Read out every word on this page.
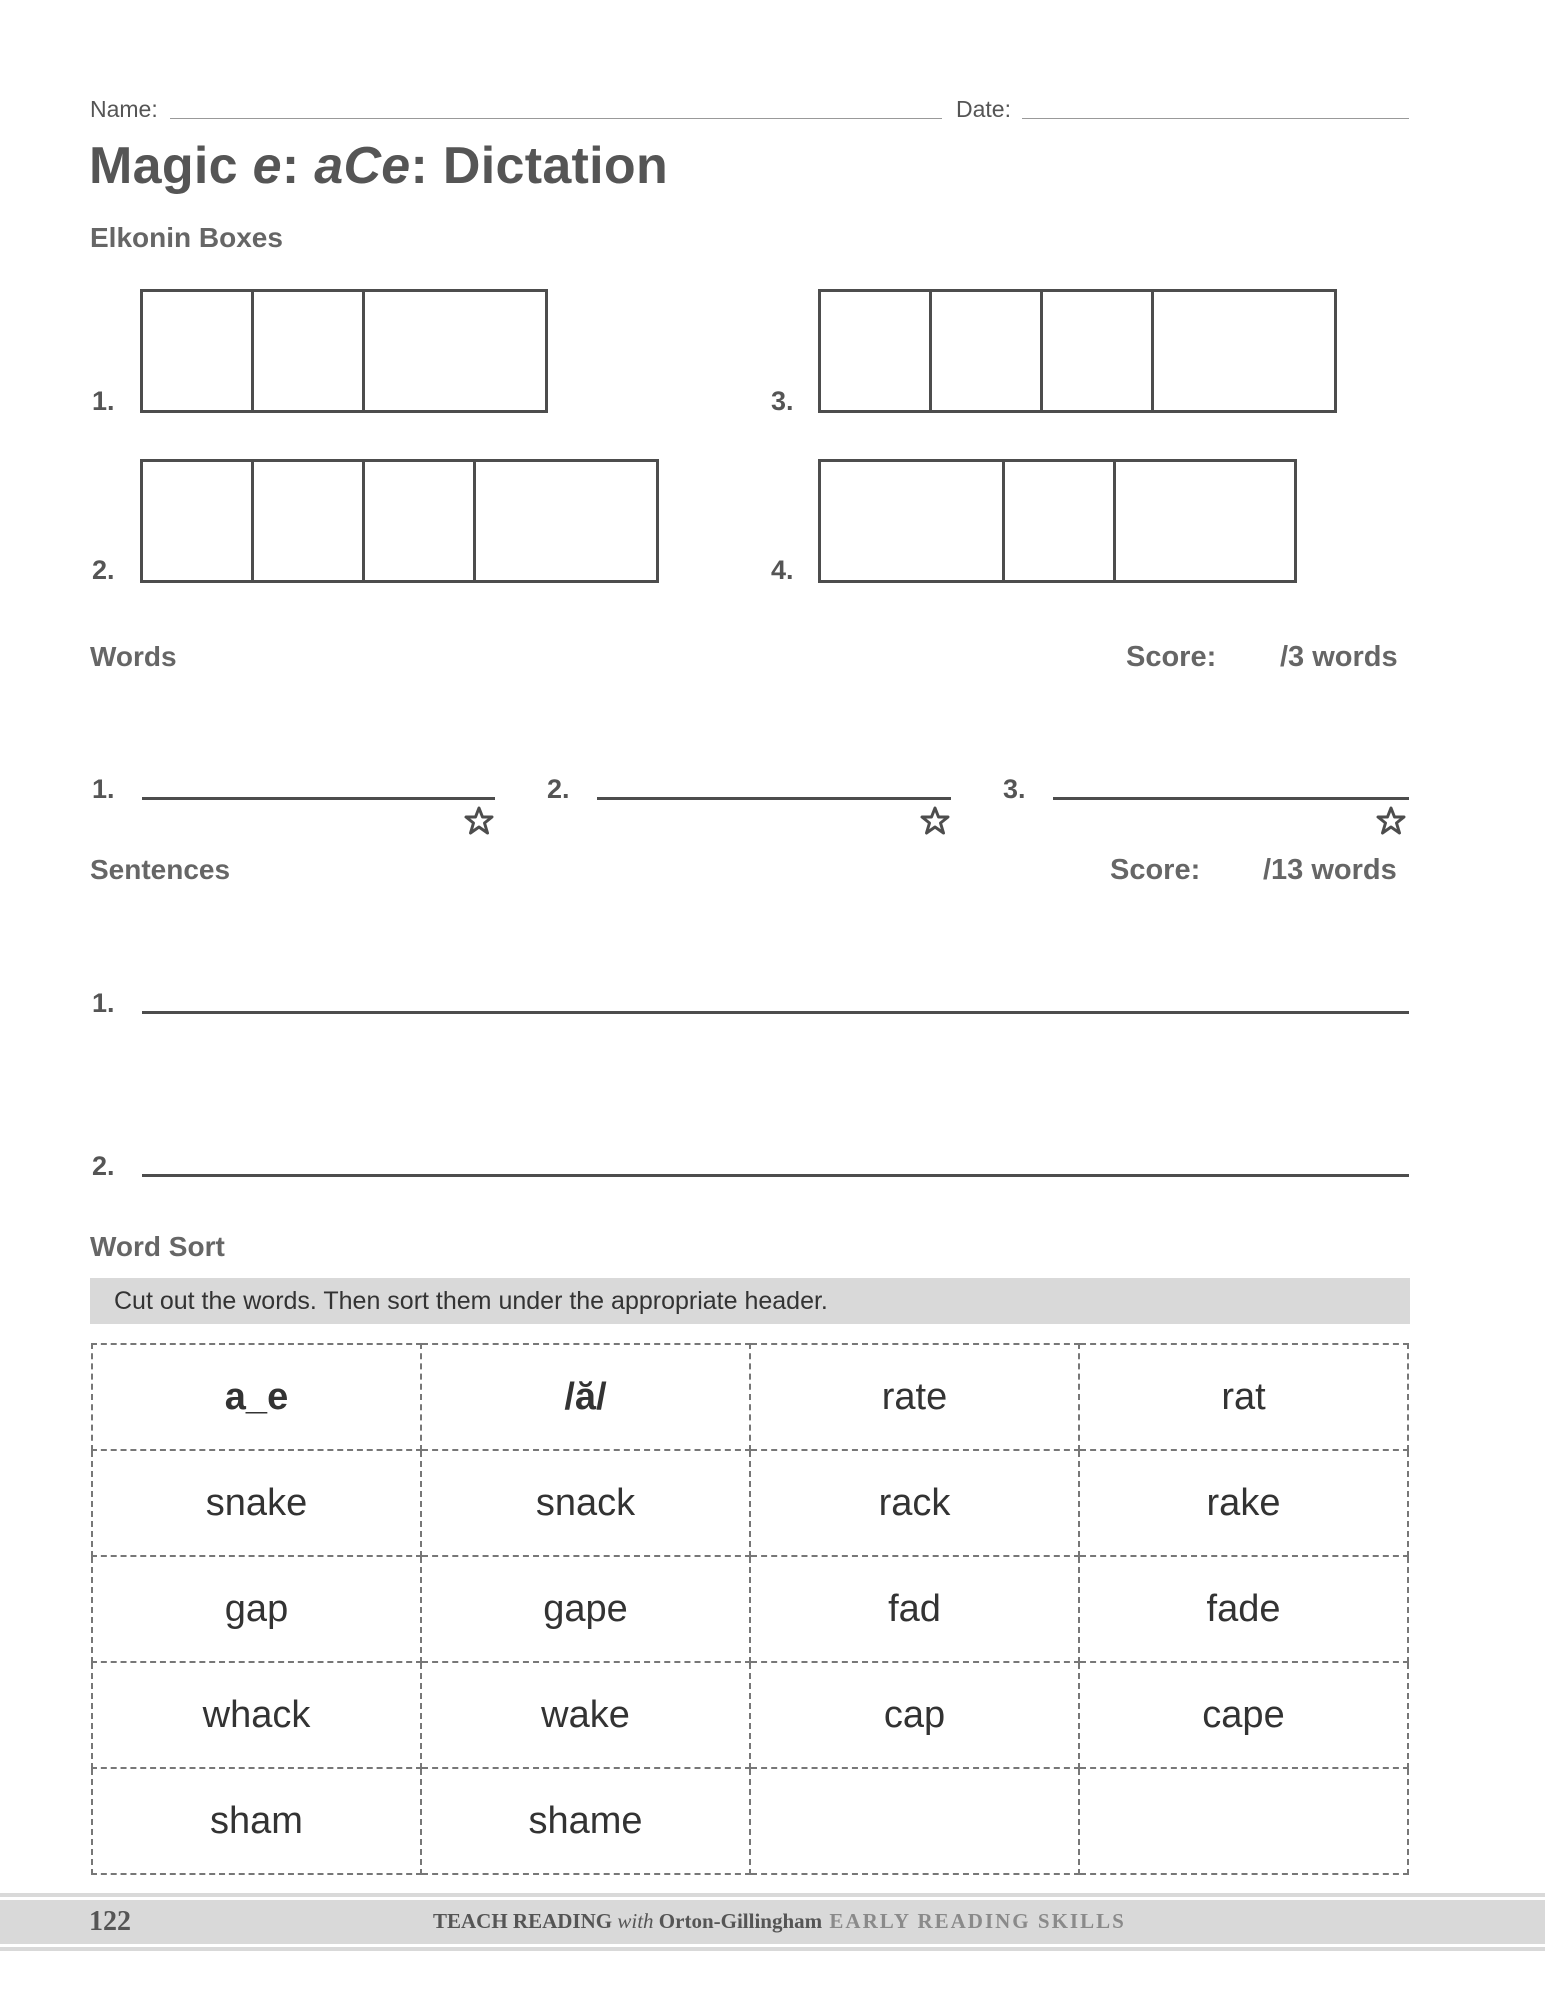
Name:	Date:
Magic e: aCe: Dictation
Elkonin Boxes
1.
2.
3.
4.
Words	Score: /3 words
1.	2.	3.
Sentences	Score: /13 words
1.
2.
Word Sort
Cut out the words. Then sort them under the appropriate header.
a_e	/ă/	rate	rat
snake	snack	rack	rake
gap	gape	fad	fade
whack	wake	cap	cape
sham	shame		
122	TEACH READING with Orton-Gillingham EARLY READING SKILLS
